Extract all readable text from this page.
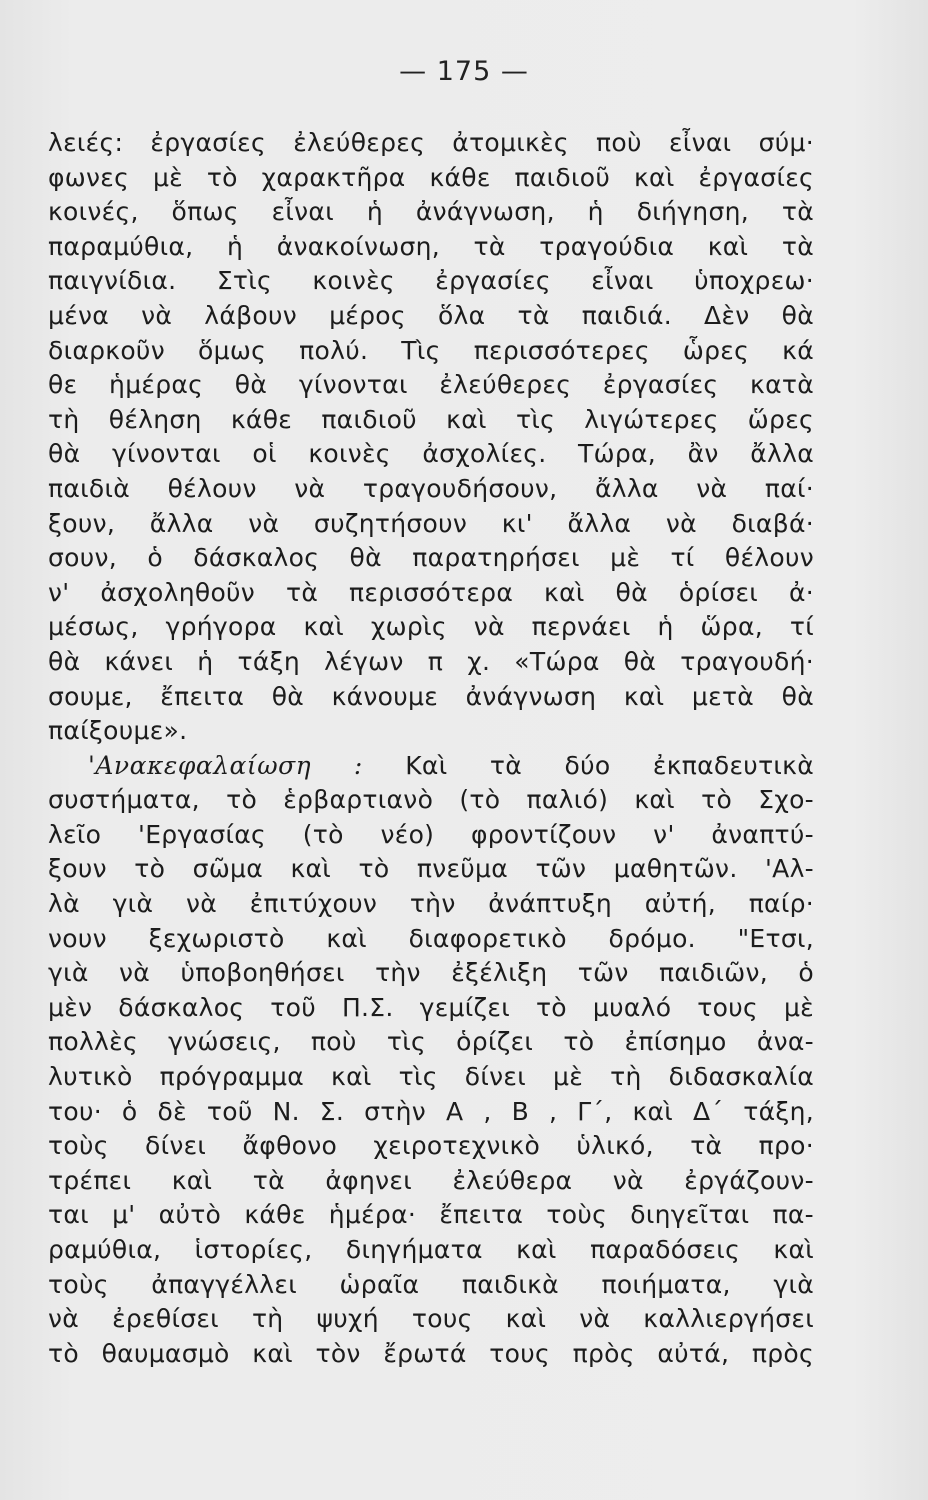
— 175 —
λειές: ἐργασίες ἐλεύθερες ἀτομικὲς ποὺ εἶναι σύμ·
φωνες μὲ τὸ χαρακτῆρα κάθε παιδιοῦ καὶ ἐργασίες
κοινές, ὅπως εἶναι ἡ ἀνάγνωση, ἡ διήγηση, τὰ
παραμύθια, ἡ ἀνακοίνωση, τὰ τραγούδια καὶ τὰ
παιγνίδια. Στὶς κοινὲς ἐργασίες εἶναι ὑποχρεω·
μένα νὰ λάβουν μέρος ὅλα τὰ παιδιά. Δὲν θὰ
διαρκοῦν ὅμως πολύ. Τὶς περισσότερες ὧρες κά
θε ἡμέρας θὰ γίνονται ἐλεύθερες ἐργασίες κατὰ
τὴ θέληση κάθε παιδιοῦ καὶ τὶς λιγώτερες ὥρες
θὰ γίνονται οἱ κοινὲς ἀσχολίες. Τώρα, ἂν ἄλλα
παιδιὰ θέλουν νὰ τραγουδήσουν, ἄλλα νὰ παί·
ξουν, ἄλλα νὰ συζητήσουν κι' ἄλλα νὰ διαβά·
σουν, ὁ δάσκαλος θὰ παρατηρήσει μὲ τί θέλουν
ν' ἀσχοληθοῦν τὰ περισσότερα καὶ θὰ ὁρίσει ἀ·
μέσως, γρήγορα καὶ χωρὶς νὰ περνάει ἡ ὥρα, τί
θὰ κάνει ἡ τάξη λέγων π χ. «Τώρα θὰ τραγουδή·
σουμε, ἔπειτα θὰ κάνουμε ἀνάγνωση καὶ μετὰ θὰ
παίξουμε».
'Ανακεφαλαίωση : Καὶ τὰ δύο ἐκπαδευτικὰ
συστήματα, τὸ ἑρβαρτιανὸ (τὸ παλιό) καὶ τὸ Σχο-
λεῖο 'Εργασίας (τὸ νέο) φροντίζουν ν' ἀναπτύ-
ξουν τὸ σῶμα καὶ τὸ πνεῦμα τῶν μαθητῶν. 'Αλ-
λὰ γιὰ νὰ ἐπιτύχουν τὴν ἀνάπτυξη αὐτή, παίρ·
νουν ξεχωριστὸ καὶ διαφορετικὸ δρόμο. "Ετσι,
γιὰ νὰ ὑποβοηθήσει τὴν ἐξέλιξη τῶν παιδιῶν, ὁ
μὲν δάσκαλος τοῦ Π.Σ. γεμίζει τὸ μυαλό τους μὲ
πολλὲς γνώσεις, ποὺ τὶς ὁρίζει τὸ ἐπίσημο ἀνα-
λυτικὸ πρόγραμμα καὶ τὶς δίνει μὲ τὴ διδασκαλία
του· ὁ δὲ τοῦ Ν. Σ. στὴν Α , Β , Γ΄, καὶ Δ΄ τάξη,
τοὺς δίνει ἄφθονο χειροτεχνικὸ ὑλικό, τὰ προ·
τρέπει καὶ τὰ ἀφηνει ἐλεύθερα νὰ ἐργάζουν-
ται μ' αὐτὸ κάθε ἡμέρα· ἔπειτα τοὺς διηγεῖται πα-
ραμύθια, ἱστορίες, διηγήματα καὶ παραδόσεις καὶ
τοὺς ἀπαγγέλλει ὡραῖα παιδικὰ ποιήματα, γιὰ
νὰ ἐρεθίσει τὴ ψυχή τους καὶ νὰ καλλιεργήσει
τὸ θαυμασμὸ καὶ τὸν ἔρωτά τους πρὸς αὐτά, πρὸς
